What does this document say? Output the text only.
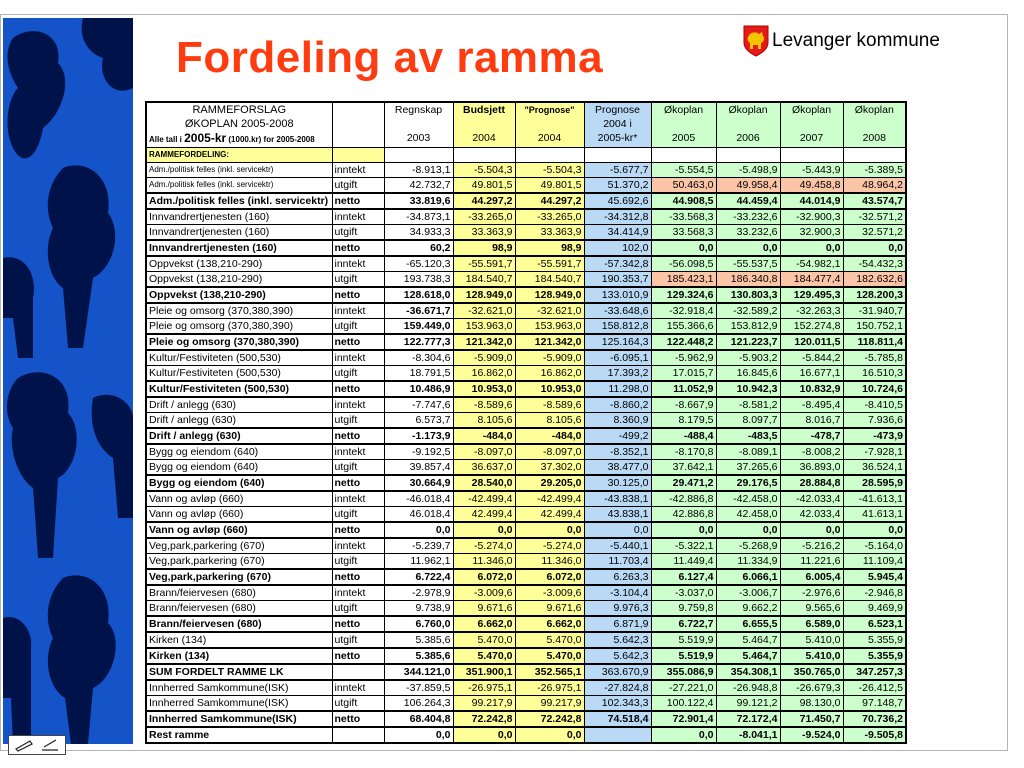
Fordeling av ramma	Levanger kommune
RAMMEFORSLAG		Regnskap	Budsjett	"Prognose"	Prognose	Økoplan	Økoplan	Økoplan	Økoplan
ØKOPLAN 2005-2008					2004 i				
Alle tall i 2005-kr (1000.kr) for 2005-2008		2003	2004	2004	2005-kr*	2005	2006	2007	2008
RAMMEFORDELING:									
Adm./politisk felles (inkl. servicektr)	inntekt	-8.913,1	-5.504,3	-5.504,3	-5.677,7	-5.554,5	-5.498,9	-5.443,9	-5.389,5
Adm./politisk felles (inkl. servicektr)	utgift	42.732,7	49.801,5	49.801,5	51.370,2	50.463,0	49.958,4	49.458,8	48.964,2
Adm./politisk felles (inkl. servicektr)	netto	33.819,6	44.297,2	44.297,2	45.692,6	44.908,5	44.459,4	44.014,9	43.574,7
Innvandrertjenesten (160)	inntekt	-34.873,1	-33.265,0	-33.265,0	-34.312,8	-33.568,3	-33.232,6	-32.900,3	-32.571,2
Innvandrertjenesten (160)	utgift	34.933,3	33.363,9	33.363,9	34.414,9	33.568,3	33.232,6	32.900,3	32.571,2
Innvandrertjenesten (160)	netto	60,2	98,9	98,9	102,0	0,0	0,0	0,0	0,0
Oppvekst (138,210-290)	inntekt	-65.120,3	-55.591,7	-55.591,7	-57.342,8	-56.098,5	-55.537,5	-54.982,1	-54.432,3
Oppvekst (138,210-290)	utgift	193.738,3	184.540,7	184.540,7	190.353,7	185.423,1	186.340,8	184.477,4	182.632,6
Oppvekst (138,210-290)	netto	128.618,0	128.949,0	128.949,0	133.010,9	129.324,6	130.803,3	129.495,3	128.200,3
Pleie og omsorg (370,380,390)	inntekt	-36.671,7	-32.621,0	-32.621,0	-33.648,6	-32.918,4	-32.589,2	-32.263,3	-31.940,7
Pleie og omsorg (370,380,390)	utgift	159.449,0	153.963,0	153.963,0	158.812,8	155.366,6	153.812,9	152.274,8	150.752,1
Pleie og omsorg (370,380,390)	netto	122.777,3	121.342,0	121.342,0	125.164,3	122.448,2	121.223,7	120.011,5	118.811,4
Kultur/Festiviteten (500,530)	inntekt	-8.304,6	-5.909,0	-5.909,0	-6.095,1	-5.962,9	-5.903,2	-5.844,2	-5.785,8
Kultur/Festiviteten (500,530)	utgift	18.791,5	16.862,0	16.862,0	17.393,2	17.015,7	16.845,6	16.677,1	16.510,3
Kultur/Festiviteten (500,530)	netto	10.486,9	10.953,0	10.953,0	11.298,0	11.052,9	10.942,3	10.832,9	10.724,6
Drift / anlegg (630)	inntekt	-7.747,6	-8.589,6	-8.589,6	-8.860,2	-8.667,9	-8.581,2	-8.495,4	-8.410,5
Drift / anlegg (630)	utgift	6.573,7	8.105,6	8.105,6	8.360,9	8.179,5	8.097,7	8.016,7	7.936,6
Drift / anlegg (630)	netto	-1.173,9	-484,0	-484,0	-499,2	-488,4	-483,5	-478,7	-473,9
Bygg og eiendom (640)	inntekt	-9.192,5	-8.097,0	-8.097,0	-8.352,1	-8.170,8	-8.089,1	-8.008,2	-7.928,1
Bygg og eiendom (640)	utgift	39.857,4	36.637,0	37.302,0	38.477,0	37.642,1	37.265,6	36.893,0	36.524,1
Bygg og eiendom (640)	netto	30.664,9	28.540,0	29.205,0	30.125,0	29.471,2	29.176,5	28.884,8	28.595,9
Vann og avløp (660)	inntekt	-46.018,4	-42.499,4	-42.499,4	-43.838,1	-42.886,8	-42.458,0	-42.033,4	-41.613,1
Vann og avløp (660)	utgift	46.018,4	42.499,4	42.499,4	43.838,1	42.886,8	42.458,0	42.033,4	41.613,1
Vann og avløp (660)	netto	0,0	0,0	0,0	0,0	0,0	0,0	0,0	0,0
Veg,park,parkering (670)	inntekt	-5.239,7	-5.274,0	-5.274,0	-5.440,1	-5.322,1	-5.268,9	-5.216,2	-5.164,0
Veg,park,parkering (670)	utgift	11.962,1	11.346,0	11.346,0	11.703,4	11.449,4	11.334,9	11.221,6	11.109,4
Veg,park,parkering (670)	netto	6.722,4	6.072,0	6.072,0	6.263,3	6.127,4	6.066,1	6.005,4	5.945,4
Brann/feiervesen (680)	inntekt	-2.978,9	-3.009,6	-3.009,6	-3.104,4	-3.037,0	-3.006,7	-2.976,6	-2.946,8
Brann/feiervesen (680)	utgift	9.738,9	9.671,6	9.671,6	9.976,3	9.759,8	9.662,2	9.565,6	9.469,9
Brann/feiervesen (680)	netto	6.760,0	6.662,0	6.662,0	6.871,9	6.722,7	6.655,5	6.589,0	6.523,1
Kirken (134)	utgift	5.385,6	5.470,0	5.470,0	5.642,3	5.519,9	5.464,7	5.410,0	5.355,9
Kirken (134)	netto	5.385,6	5.470,0	5.470,0	5.642,3	5.519,9	5.464,7	5.410,0	5.355,9
SUM FORDELT RAMME LK		344.121,0	351.900,1	352.565,1	363.670,9	355.086,9	354.308,1	350.765,0	347.257,3
Innherred Samkommune(ISK)	inntekt	-37.859,5	-26.975,1	-26.975,1	-27.824,8	-27.221,0	-26.948,8	-26.679,3	-26.412,5
Innherred Samkommune(ISK)	utgift	106.264,3	99.217,9	99.217,9	102.343,3	100.122,4	99.121,2	98.130,0	97.148,7
Innherred Samkommune(ISK)	netto	68.404,8	72.242,8	72.242,8	74.518,4	72.901,4	72.172,4	71.450,7	70.736,2
Rest ramme		0,0	0,0	0,0		0,0	-8.041,1	-9.524,0	-9.505,8
